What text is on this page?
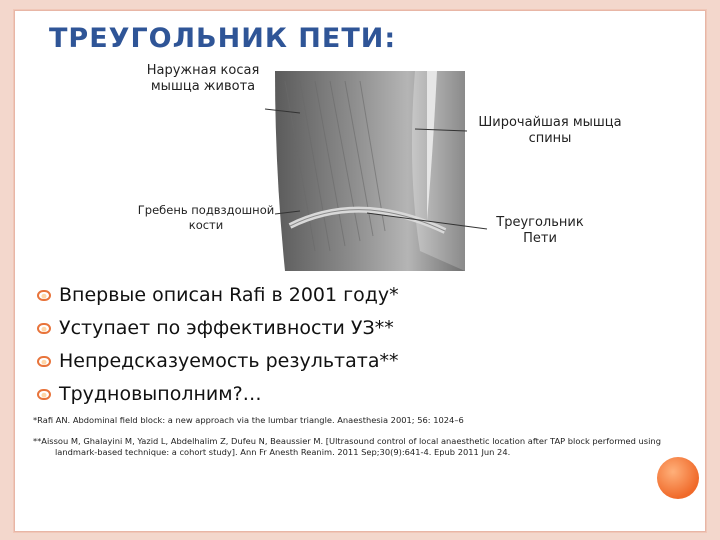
ТРЕУГОЛЬНИК ПЕТИ:
Наружная косая
мышца живота
Широчайшая мышца
спины
Гребень подвздошной
кости	Треугольник
Пети
Впервые описан Rafi в 2001 году*
Уступает по эффективности УЗ**
Непредсказуемость результата**
Трудновыполним?…
*Rafi AN. Abdominal field block: a new approach via the lumbar triangle. Anaesthesia 2001; 56: 1024–6
**Aissou M, Ghalayini M, Yazid L, Abdelhalim Z, Dufeu N, Beaussier M. [Ultrasound control of local anaesthetic location after TAP block performed using landmark-based technique: a cohort study]. Ann Fr Anesth Reanim. 2011 Sep;30(9):641-4. Epub 2011 Jun 24.
